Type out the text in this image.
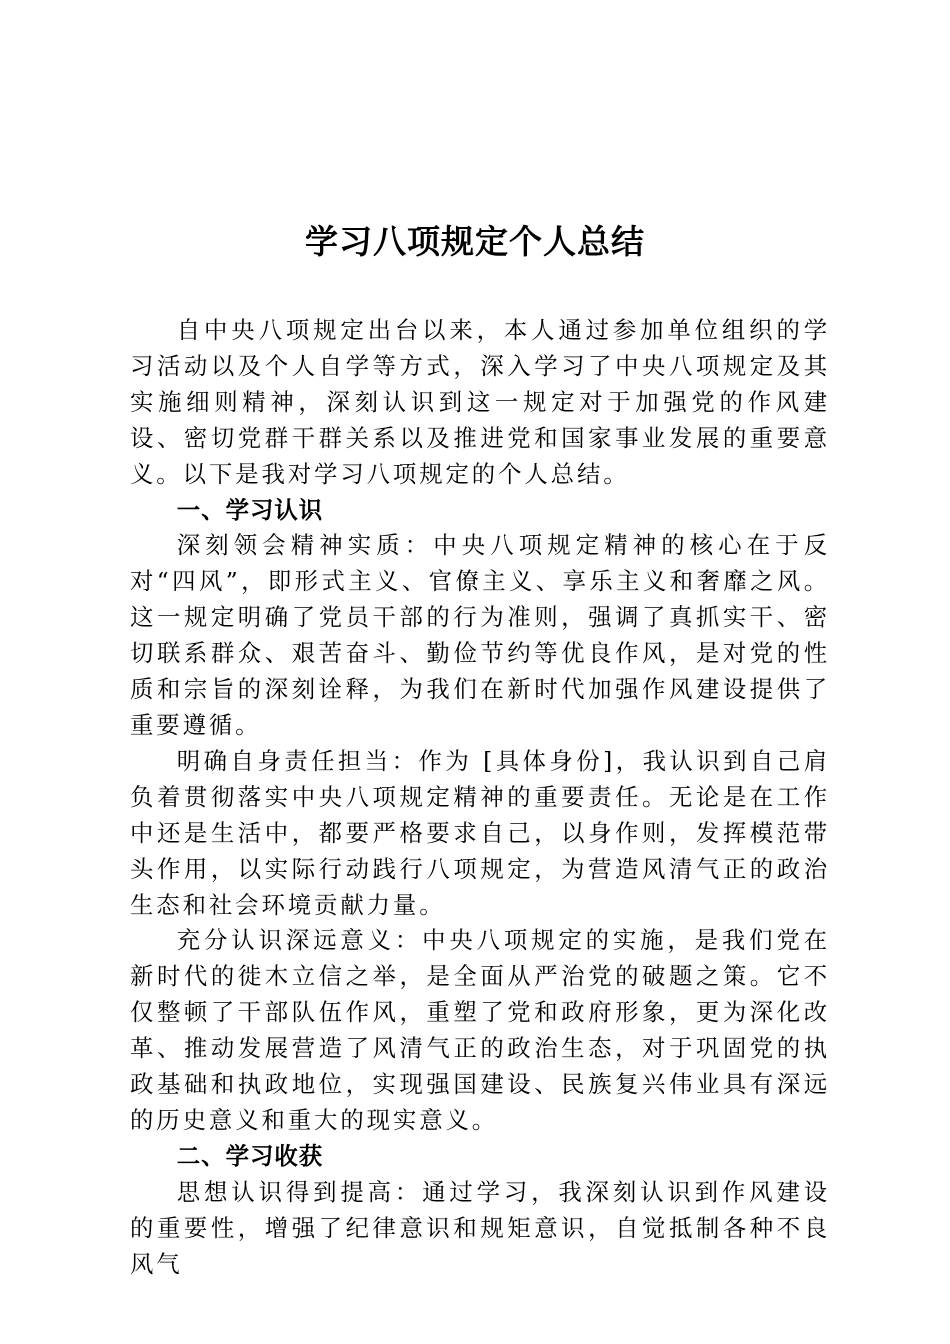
学习八项规定个人总结

自中央八项规定出台以来，本人通过参加单位组织的学习活动以及个人自学等方式，深入学习了中央八项规定及其实施细则精神，深刻认识到这一规定对于加强党的作风建设、密切党群干群关系以及推进党和国家事业发展的重要意义。以下是我对学习八项规定的个人总结。

一、学习认识

深刻领会精神实质：中央八项规定精神的核心在于反对“四风”，即形式主义、官僚主义、享乐主义和奢靡之风。这一规定明确了党员干部的行为准则，强调了真抓实干、密切联系群众、艰苦奋斗、勤俭节约等优良作风，是对党的性质和宗旨的深刻诠释，为我们在新时代加强作风建设提供了重要遵循。

明确自身责任担当：作为 [具体身份]，我认识到自己肩负着贯彻落实中央八项规定精神的重要责任。无论是在工作中还是生活中，都要严格要求自己，以身作则，发挥模范带头作用，以实际行动践行八项规定，为营造风清气正的政治生态和社会环境贡献力量。

充分认识深远意义：中央八项规定的实施，是我们党在新时代的徙木立信之举，是全面从严治党的破题之策。它不仅整顿了干部队伍作风，重塑了党和政府形象，更为深化改革、推动发展营造了风清气正的政治生态，对于巩固党的执政基础和执政地位，实现强国建设、民族复兴伟业具有深远的历史意义和重大的现实意义。

二、学习收获

思想认识得到提高：通过学习，我深刻认识到作风建设的重要性，增强了纪律意识和规矩意识，自觉抵制各种不良风气
